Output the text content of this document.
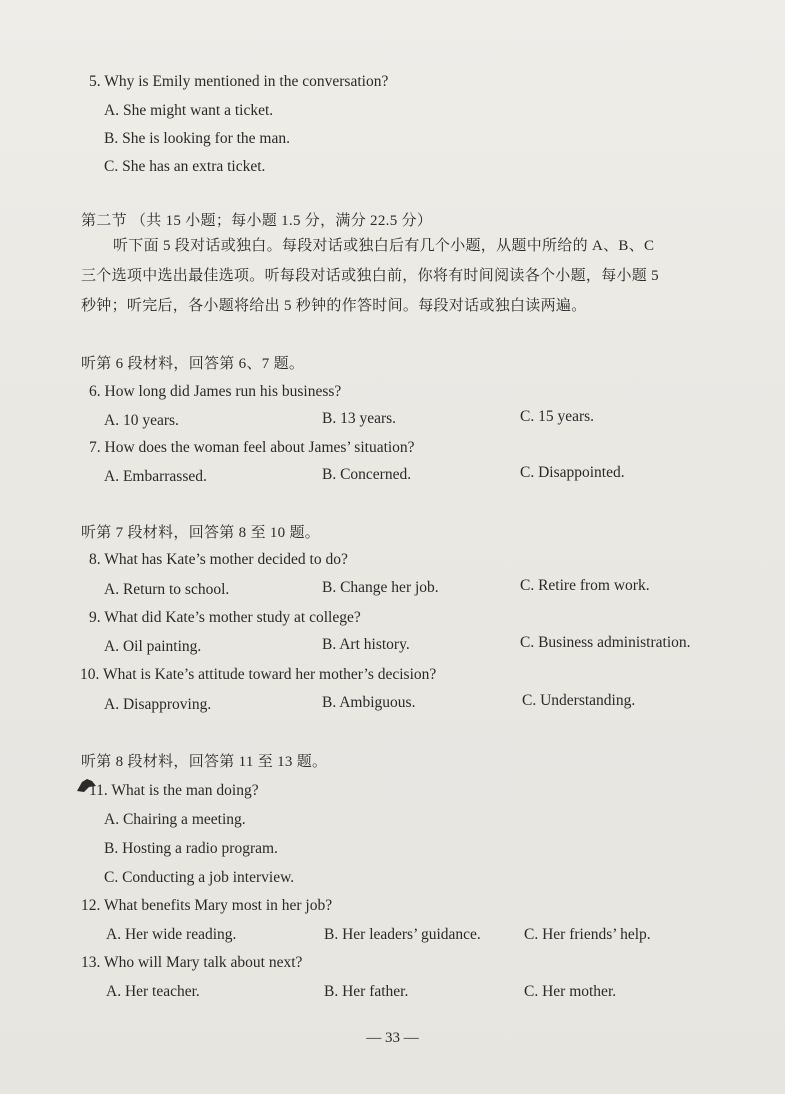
5. Why is Emily mentioned in the conversation?
A. She might want a ticket.
B. She is looking for the man.
C. She has an extra ticket.
第二节 （共 15 小题；每小题 1.5 分，满分 22.5 分）
听下面 5 段对话或独白。每段对话或独白后有几个小题，从题中所给的 A、B、C
三个选项中选出最佳选项。听每段对话或独白前，你将有时间阅读各个小题，每小题 5
秒钟；听完后，各小题将给出 5 秒钟的作答时间。每段对话或独白读两遍。
听第 6 段材料，回答第 6、7 题。
6. How long did James run his business?
A. 10 years.	B. 13 years.	C. 15 years.
7. How does the woman feel about James’ situation?
A. Embarrassed.	B. Concerned.	C. Disappointed.
听第 7 段材料，回答第 8 至 10 题。
8. What has Kate’s mother decided to do?
A. Return to school.	B. Change her job.	C. Retire from work.
9. What did Kate’s mother study at college?
A. Oil painting.	B. Art history.	C. Business administration.
10. What is Kate’s attitude toward her mother’s decision?
A. Disapproving.	B. Ambiguous.	C. Understanding.
听第 8 段材料，回答第 11 至 13 题。
11. What is the man doing?
A. Chairing a meeting.
B. Hosting a radio program.
C. Conducting a job interview.
12. What benefits Mary most in her job?
A. Her wide reading.	B. Her leaders’ guidance.	C. Her friends’ help.
13. Who will Mary talk about next?
A. Her teacher.	B. Her father.	C. Her mother.
— 33 —
